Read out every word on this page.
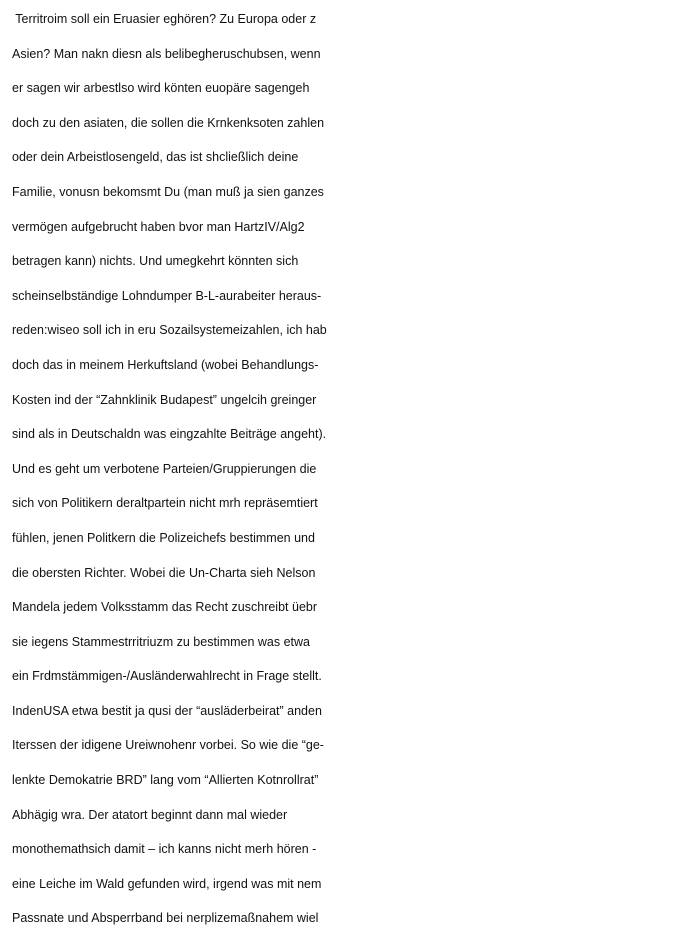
Territroim soll ein Eruasier eghören? Zu Europa oder z
Asien? Man nakn diesn als belibegheruschubsen, wenn
er sagen wir arbestlso wird könten euopäre sagengeh
doch zu den asiaten, die sollen die Krnkenksoten zahlen
oder dein Arbeistlosengeld, das ist shcließlich deine
Familie, vonusn bekomsmt Du (man muß ja sien ganzes
vermögen aufgebrucht haben bvor man HartzIV/Alg2
betragen kann) nichts. Und umegkehrt könnten sich
scheinselbständige Lohndumper B-L-aurabeiter heraus-
reden:wiseo soll ich in eru Sozailsystemeizahlen, ich hab
doch das in meinem Herkuftsland (wobei Behandlungs-
Kosten ind der “Zahnklinik Budapest” ungelcih greinger
sind als in Deutschaldn was eingzahlte Beiträge angeht).
Und es geht um verbotene Parteien/Gruppierungen die
sich von Politikern deraltpartein nicht mrh repräsemtiert
fühlen, jenen Politkern die Polizeichefs bestimmen und
die obersten Richter. Wobei die Un-Charta sieh Nelson
Mandela jedem Volksstamm das Recht zuschreibt üebr
sie iegens Stammestrritriuzm zu bestimmen was etwa
ein Frdmstämmigen-/Ausländerwahlrecht in Frage stellt.
IndenUSA etwa bestit ja qusi der “ausläderbeirat” anden
Iterssen der idigene Ureiwnohenr vorbei. So wie die “ge-
lenkte Demokatrie BRD” lang vom “Allierten Kotnrollrat”
Abhägig wra. Der atatort beginnt dann mal wieder
monothemathsich damit – ich kanns nicht merh hören -
eine Leiche im Wald gefunden wird, irgend was mit nem
Passnate und Absperrband bei nerplizemaßnahem wiel
